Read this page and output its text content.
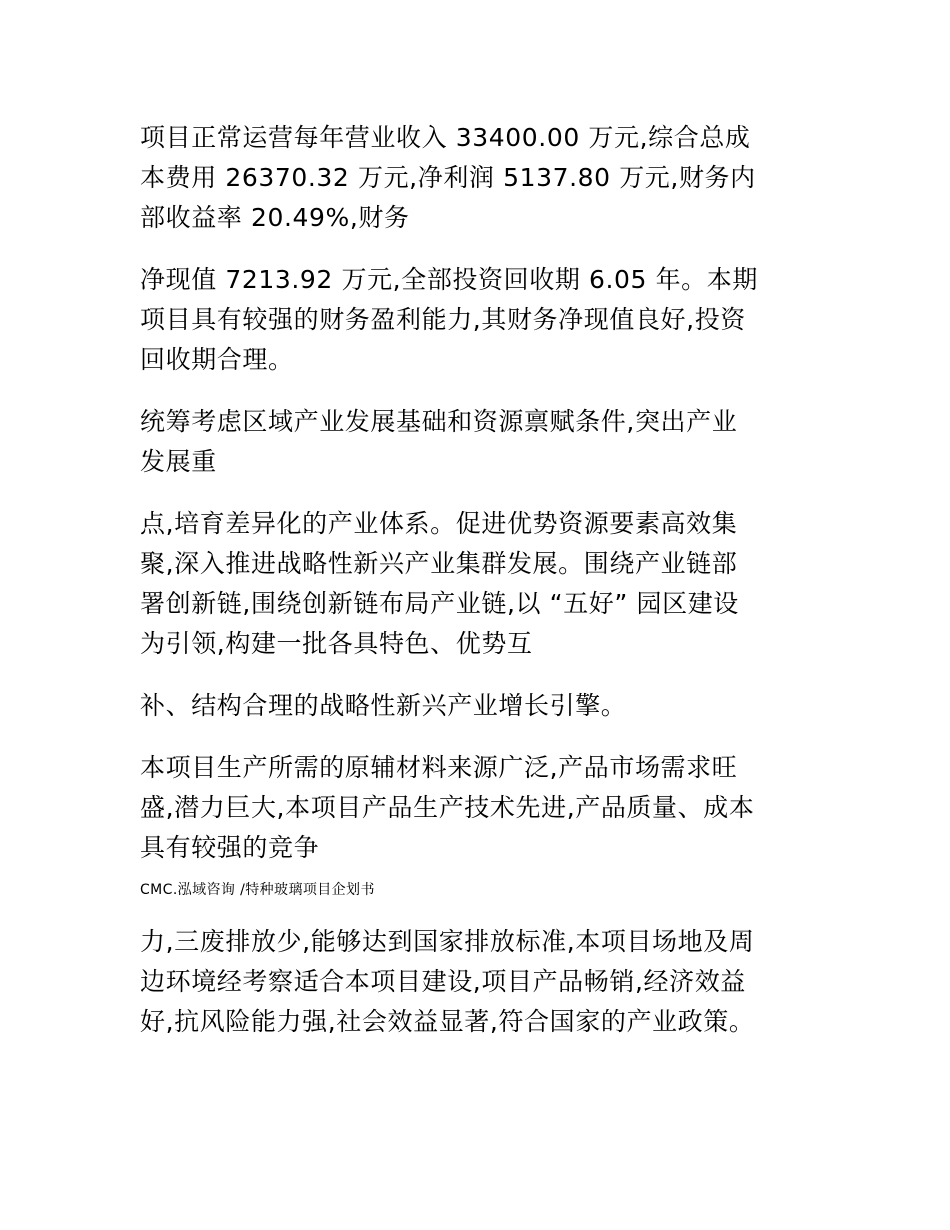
项目正常运营每年营业收入 33400.00 万元,综合总成
本费用 26370.32 万元,净利润 5137.80 万元,财务内
部收益率 20.49%,财务

净现值 7213.92 万元,全部投资回收期 6.05 年。本期
项目具有较强的财务盈利能力,其财务净现值良好,投资
回收期合理。

统筹考虑区域产业发展基础和资源禀赋条件,突出产业
发展重

点,培育差异化的产业体系。促进优势资源要素高效集
聚,深入推进战略性新兴产业集群发展。围绕产业链部
署创新链,围绕创新链布局产业链,以 “五好” 园区建设
为引领,构建一批各具特色、优势互

补、结构合理的战略性新兴产业增长引擎。

本项目生产所需的原辅材料来源广泛,产品市场需求旺
盛,潜力巨大,本项目产品生产技术先进,产品质量、成本
具有较强的竞争

CMC.泓域咨询 /特种玻璃项目企划书

力,三废排放少,能够达到国家排放标准,本项目场地及周
边环境经考察适合本项目建设,项目产品畅销,经济效益
好,抗风险能力强,社会效益显著,符合国家的产业政策。
